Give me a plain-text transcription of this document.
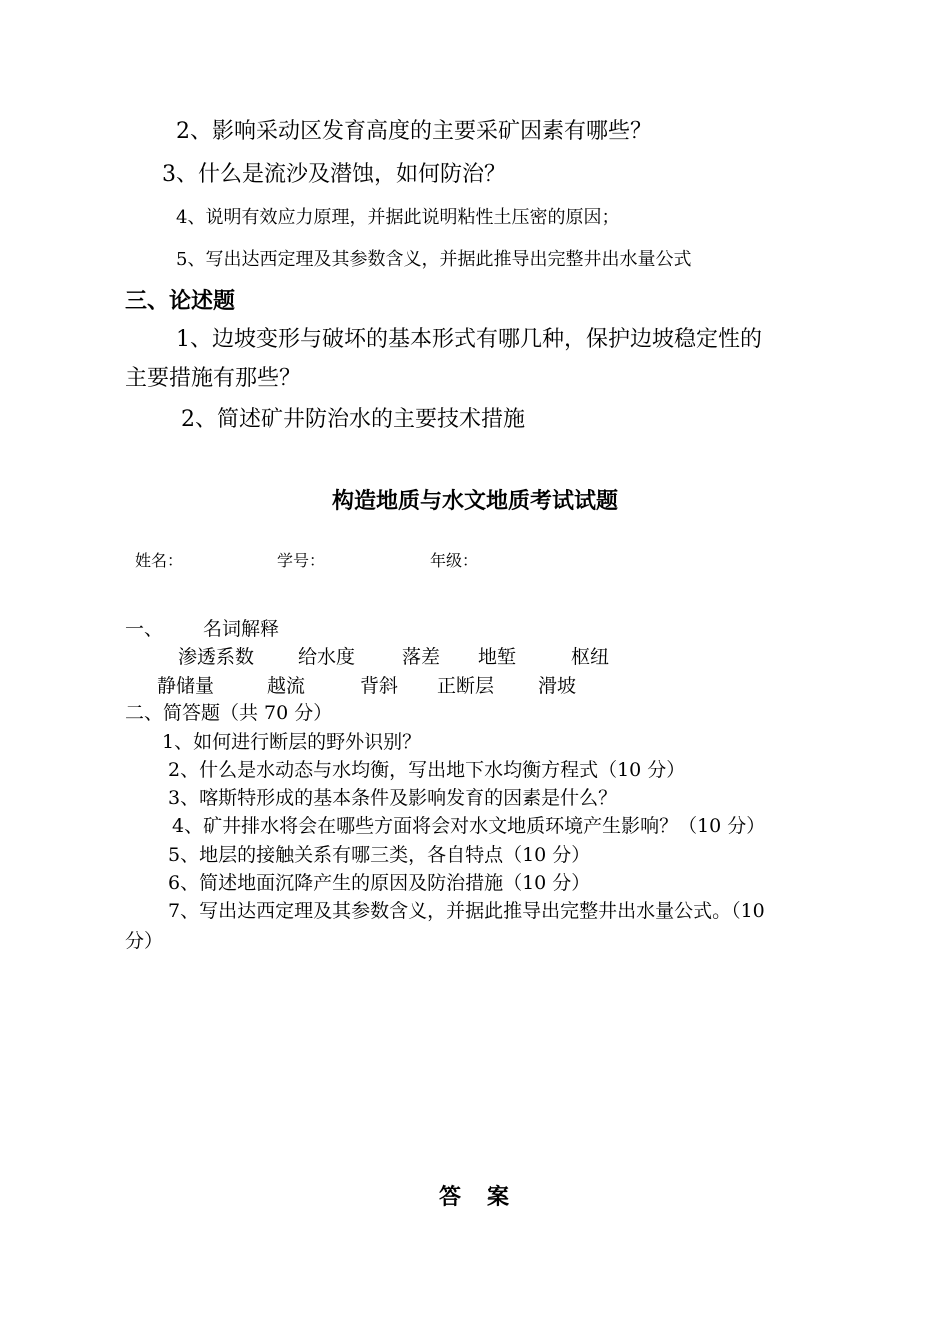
2、影响采动区发育高度的主要采矿因素有哪些？
3、什么是流沙及潜蚀，如何防治？
4、说明有效应力原理，并据此说明粘性土压密的原因；
5、写出达西定理及其参数含义，并据此推导出完整井出水量公式
三、论述题
1、边坡变形与破坏的基本形式有哪几种，保护边坡稳定性的
主要措施有那些？
2、简述矿井防治水的主要技术措施
构造地质与水文地质考试试题
姓名：	学号：	年级：
一、 名词解释
渗透系数 给水度 落差 地堑	枢纽
静储量	越流	背斜 正断层 滑坡
二、简答题（共 70 分）
1、如何进行断层的野外识别？
2、什么是水动态与水均衡，写出地下水均衡方程式（10 分）
3、喀斯特形成的基本条件及影响发育的因素是什么？
4、矿井排水将会在哪些方面将会对水文地质环境产生影响？（10 分）
5、地层的接触关系有哪三类，各自特点（10 分）
6、简述地面沉降产生的原因及防治措施（10 分）
7、写出达西定理及其参数含义，并据此推导出完整井出水量公式。（10
分）
答　案
